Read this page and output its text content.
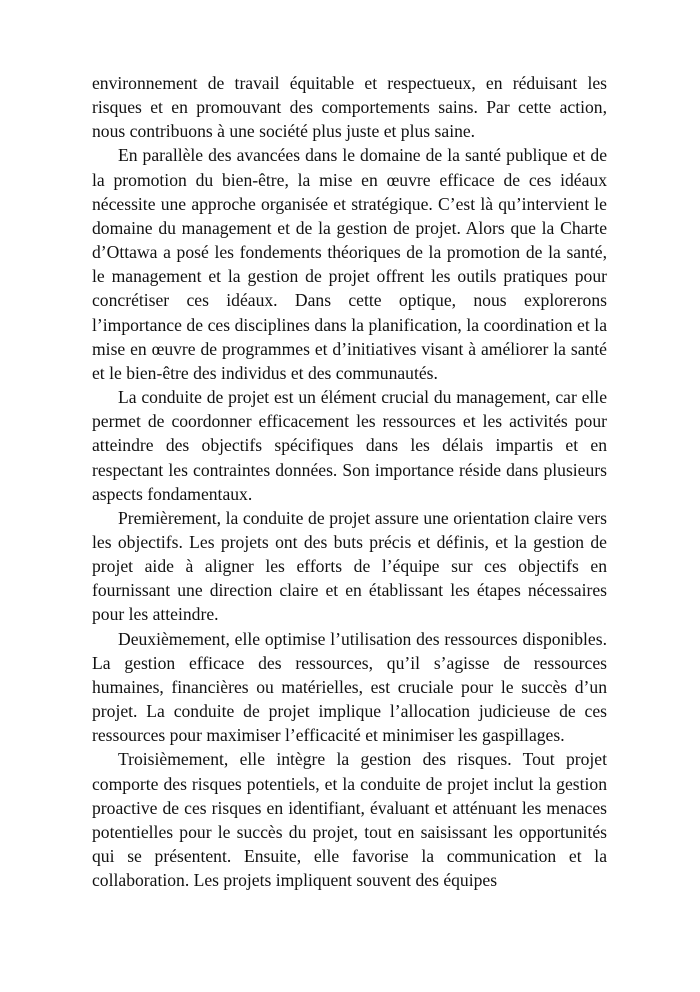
environnement de travail équitable et respectueux, en réduisant les risques et en promouvant des comportements sains. Par cette action, nous contribuons à une société plus juste et plus saine.

En parallèle des avancées dans le domaine de la santé publique et de la promotion du bien-être, la mise en œuvre efficace de ces idéaux nécessite une approche organisée et stratégique. C’est là qu’intervient le domaine du management et de la gestion de projet. Alors que la Charte d’Ottawa a posé les fondements théoriques de la promotion de la santé, le management et la gestion de projet offrent les outils pratiques pour concrétiser ces idéaux. Dans cette optique, nous explorerons l’importance de ces disciplines dans la planification, la coordination et la mise en œuvre de programmes et d’initiatives visant à améliorer la santé et le bien-être des individus et des communautés.

La conduite de projet est un élément crucial du management, car elle permet de coordonner efficacement les ressources et les activités pour atteindre des objectifs spécifiques dans les délais impartis et en respectant les contraintes données. Son importance réside dans plusieurs aspects fondamentaux.

Premièrement, la conduite de projet assure une orientation claire vers les objectifs. Les projets ont des buts précis et définis, et la gestion de projet aide à aligner les efforts de l’équipe sur ces objectifs en fournissant une direction claire et en établissant les étapes nécessaires pour les atteindre.

Deuxièmement, elle optimise l’utilisation des ressources disponibles. La gestion efficace des ressources, qu’il s’agisse de ressources humaines, financières ou matérielles, est cruciale pour le succès d’un projet. La conduite de projet implique l’allocation judicieuse de ces ressources pour maximiser l’efficacité et minimiser les gaspillages.

Troisièmement, elle intègre la gestion des risques. Tout projet comporte des risques potentiels, et la conduite de projet inclut la gestion proactive de ces risques en identifiant, évaluant et atténuant les menaces potentielles pour le succès du projet, tout en saisissant les opportunités qui se présentent. Ensuite, elle favorise la communication et la collaboration. Les projets impliquent souvent des équipes
